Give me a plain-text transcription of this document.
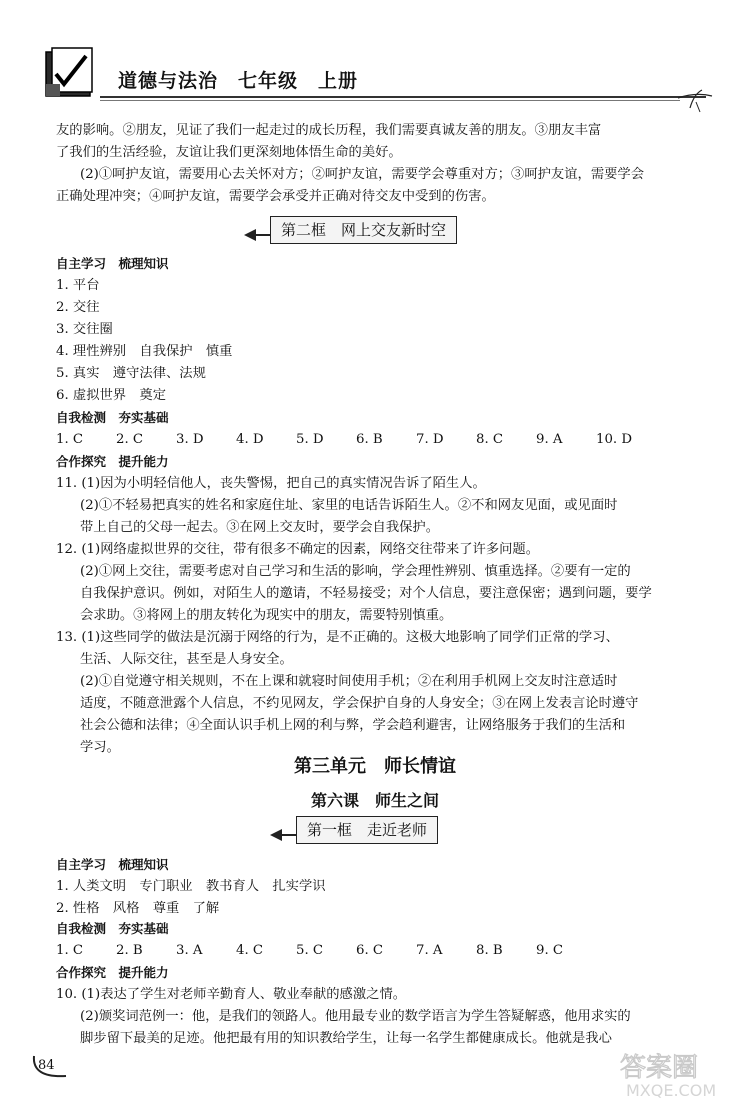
道德与法治　七年级　上册
友的影响。②朋友，见证了我们一起走过的成长历程，我们需要真诚友善的朋友。③朋友丰富
了我们的生活经验，友谊让我们更深刻地体悟生命的美好。
(2)①呵护友谊，需要用心去关怀对方；②呵护友谊，需要学会尊重对方；③呵护友谊，需要学会
正确处理冲突；④呵护友谊，需要学会承受并正确对待交友中受到的伤害。
第二框　网上交友新时空
自主学习　梳理知识
1. 平台
2. 交往
3. 交往圈
4. 理性辨别　自我保护　慎重
5. 真实　遵守法律、法规
6. 虚拟世界　奠定
自我检测　夯实基础
1. C 2. C 3. D 4. D 5. D 6. B	7. D 8. C 9. A	10. D
合作探究　提升能力
11. (1)因为小明轻信他人，丧失警惕，把自己的真实情况告诉了陌生人。
(2)①不轻易把真实的姓名和家庭住址、家里的电话告诉陌生人。②不和网友见面，或见面时
带上自己的父母一起去。③在网上交友时，要学会自我保护。
12. (1)网络虚拟世界的交往，带有很多不确定的因素，网络交往带来了许多问题。
(2)①网上交往，需要考虑对自己学习和生活的影响，学会理性辨别、慎重选择。②要有一定的
自我保护意识。例如，对陌生人的邀请，不轻易接受；对个人信息，要注意保密；遇到问题，要学
会求助。③将网上的朋友转化为现实中的朋友，需要特别慎重。
13. (1)这些同学的做法是沉溺于网络的行为，是不正确的。这极大地影响了同学们正常的学习、
生活、人际交往，甚至是人身安全。
(2)①自觉遵守相关规则，不在上课和就寝时间使用手机；②在利用手机网上交友时注意适时
适度，不随意泄露个人信息，不约见网友，学会保护自身的人身安全；③在网上发表言论时遵守
社会公德和法律；④全面认识手机上网的利与弊，学会趋利避害，让网络服务于我们的生活和
学习。
第三单元　师长情谊
第六课　师生之间
第一框　走近老师
自主学习　梳理知识
1. 人类文明　专门职业　教书育人　扎实学识
2. 性格　风格　尊重　了解
自我检测　夯实基础
1. C 2. B	3. A	4. C 5. C 6. C 7. A	8. B	9. C
合作探究　提升能力
10. (1)表达了学生对老师辛勤育人、敬业奉献的感激之情。
(2)颁奖词范例一：他，是我们的领路人。他用最专业的数学语言为学生答疑解惑，他用求实的
脚步留下最美的足迹。他把最有用的知识教给学生，让每一名学生都健康成长。他就是我心
84	答案圈
MXQE.COM
